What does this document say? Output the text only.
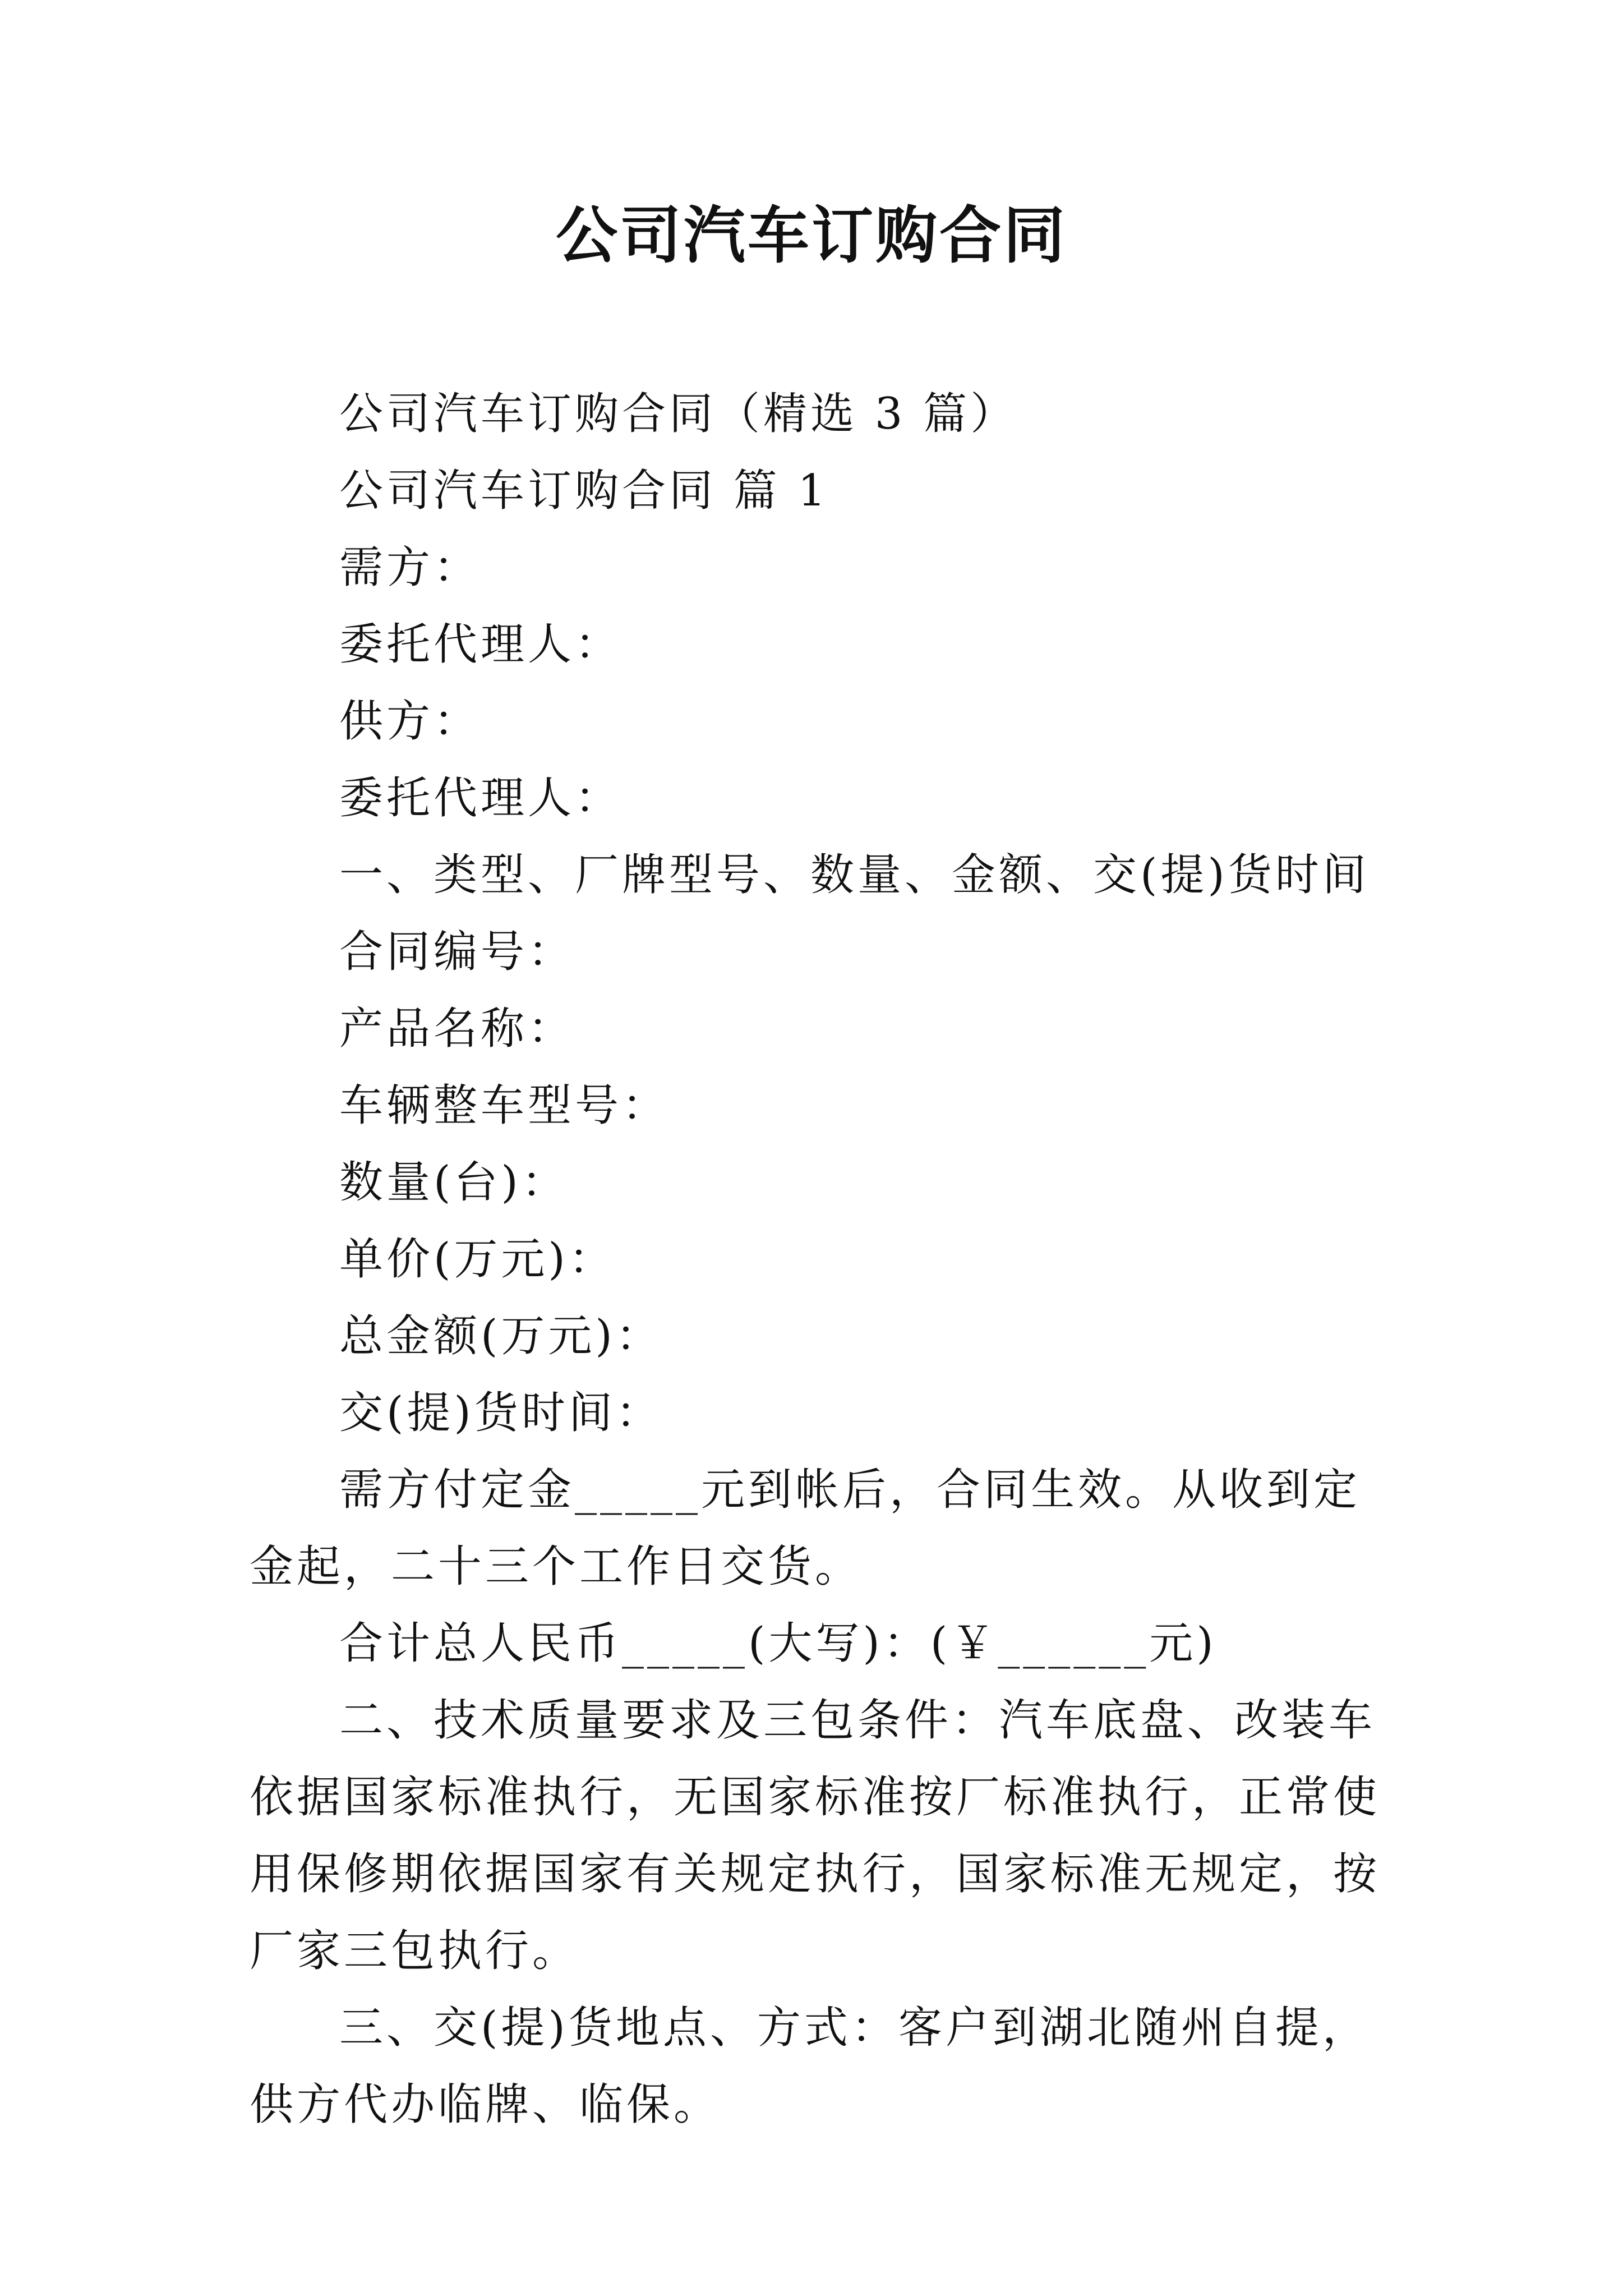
公司汽车订购合同

公司汽车订购合同（精选 3 篇）

公司汽车订购合同 篇 1

需方：

委托代理人：

供方：

委托代理人：

一、类型、厂牌型号、数量、金额、交(提)货时间

合同编号：

产品名称：

车辆整车型号：

数量(台)：

单价(万元)：

总金额(万元)：

交(提)货时间：

需方付定金_____元到帐后，合同生效。从收到定金起，二十三个工作日交货。

合计总人民币_____(大写)：(￥______元)

二、技术质量要求及三包条件：汽车底盘、改装车依据国家标准执行，无国家标准按厂标准执行，正常使用保修期依据国家有关规定执行，国家标准无规定，按厂家三包执行。

三、交(提)货地点、方式：客户到湖北随州自提，供方代办临牌、临保。
